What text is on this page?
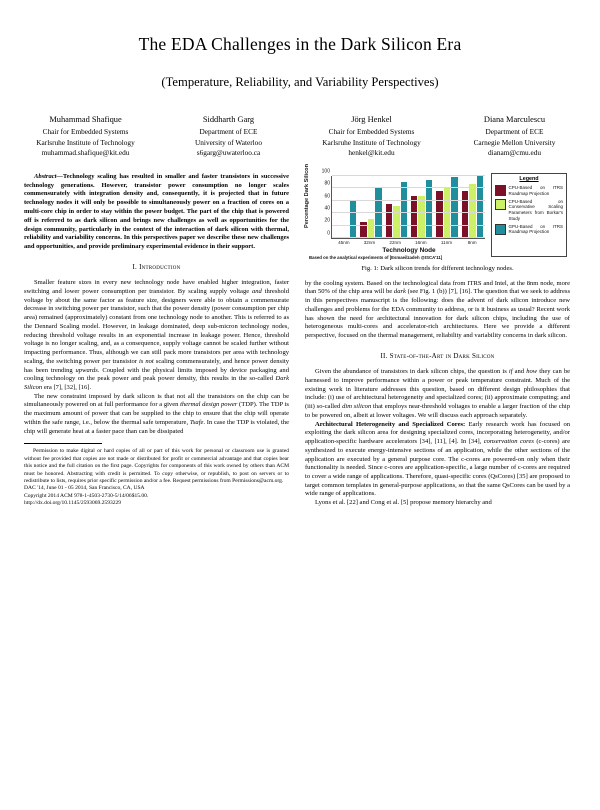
The EDA Challenges in the Dark Silicon Era
(Temperature, Reliability, and Variability Perspectives)
Muhammad Shafique
Chair for Embedded Systems
Karlsruhe Institute of Technology
muhammad.shafique@kit.edu
Siddharth Garg
Department of ECE
University of Waterloo
s6garg@uwaterloo.ca
Jörg Henkel
Chair for Embedded Systems
Karlsruhe Institute of Technology
henkel@kit.edu
Diana Marculescu
Department of ECE
Carnegie Mellon University
dianam@cmu.edu

Abstract—Technology scaling has resulted in smaller and faster transistors in successive technology generations. However, transistor power consumption no longer scales commensurately with integration density and, consequently, it is projected that in future technology nodes it will only be possible to simultaneously power on a fraction of cores on a multi-core chip in order to stay within the power budget. The part of the chip that is powered off is referred to as dark silicon and brings new challenges as well as opportunities for the design community, particularly in the context of the interaction of dark silicon with thermal, reliability and variability concerns. In this perspectives paper we describe these new challenges and opportunities, and provide preliminary experimental evidence in their support.

I. Introduction

Smaller feature sizes in every new technology node have enabled higher integration, faster switching and lower power consumption per transistor. By scaling supply voltage and threshold voltage by about the same factor as feature size, designers were able to obtain a commensurate decrease in switching power per transistor, such that the power density (power consumption per chip area) remained (approximately) constant from one technology node to another. This is referred to as the Dennard Scaling model. However, in leakage dominated, deep sub-micron technology nodes, reducing threshold voltage results in an exponential increase in leakage power. Hence, threshold voltage is no longer scaling, and, as a consequence, supply voltage cannot be scaled further without impacting performance. Thus, although we can still pack more transistors per area with technology scaling, the switching power per transistor is not scaling commensurately, and hence power density has been trending upwards. Coupled with the physical limits imposed by device packaging and cooling technology on the peak power and peak power density, this results in the so-called Dark Silicon era [7], [32], [16].

The new constraint imposed by dark silicon is that not all the transistors on the chip can be simultaneously powered on at full performance for a given thermal design power (TDP). The TDP is the maximum amount of power that can be supplied to the chip to ensure that the chip will operate within the safe range, i.e., below the thermal safe temperature, Tsafe. In case the TDP is violated, the chip will generate heat at a faster pace than can be dissipated

Permission to make digital or hard copies of all or part of this work for personal or classroom use is granted without fee provided that copies are not made or distributed for profit or commercial advantage and that copies bear this notice and the full citation on the first page. Copyrights for components of this work owned by others than ACM must be honored. Abstracting with credit is permitted. To copy otherwise, or republish, to post on servers or to redistribute to lists, requires prior specific permission and/or a fee. Request permissions from Permissions@acm.org.

DAC '14, June 01 - 05 2014, San Francisco, CA, USA

Copyright 2014 ACM 978-1-4503-2730-5/14/06$15.00.

http://dx.doi.org/10.1145/2593069.2593229

Percentage Dark Silicon
0
20
40
60
80
100
Technology Node
Based on the analytical experiments of [Esmaeilzadeh @ISCA'11]
45nm	32nm	22nm	16nm	11nm	8nm
Legend
CPU-Based on ITRS Roadmap Projection
CPU-Based on Conservative Scaling Parameters from Borkar's Study
GPU-Based on ITRS Roadmap Projection
Fig. 1: Dark silicon trends for different technology nodes.

by the cooling system. Based on the technological data from ITRS and Intel, at the 8nm node, more than 50% of the chip area will be dark (see Fig. 1 (b)) [7], [16]. The question that we seek to address in this perspectives manuscript is the following: does the advent of dark silicon introduce new challenges and problems for the EDA community to address, or is it business as usual? Recent work has shown the need for architectural innovation for dark silicon chips, including the use of heterogeneous multi-cores and accelerator-rich architectures. Here we provide a different perspective, focused on the thermal management, reliability and variability concerns in dark silicon.

II. State-of-the-Art in Dark Silicon

Given the abundance of transistors in dark silicon chips, the question is if and how they can be harnessed to improve performance within a power or peak temperature constraint. Much of the existing work in literature addresses this question, based on different design philosophies that include: (i) use of architectural heterogeneity and specialized cores; (ii) approximate computing; and (iii) so-called dim silicon that employs near-threshold voltages to enable a larger fraction of the chip to be powered on, albeit at lower voltages. We will discuss each approach separately.

Architectural Heterogeneity and Specialized Cores: Early research work has focused on exploiting the dark silicon area for designing specialized cores, incorporating heterogeneity, and/or application-specific hardware accelerators [34], [11], [4]. In [34], conservation cores (c-cores) are synthesized to execute energy-intensive sections of an application, while the other sections of the application are executed by a general purpose core. The c-cores are powered-on only when their functionality is needed. Since c-cores are application-specific, a large number of c-cores are required to cover a wide range of applications. Therefore, quasi-specific cores (QsCores) [35] are proposed to target common templates in general-purpose applications, so that the same QsCores can be used by a wide range of applications.

Lyons et al. [22] and Cong et al. [5] propose memory hierarchy and
